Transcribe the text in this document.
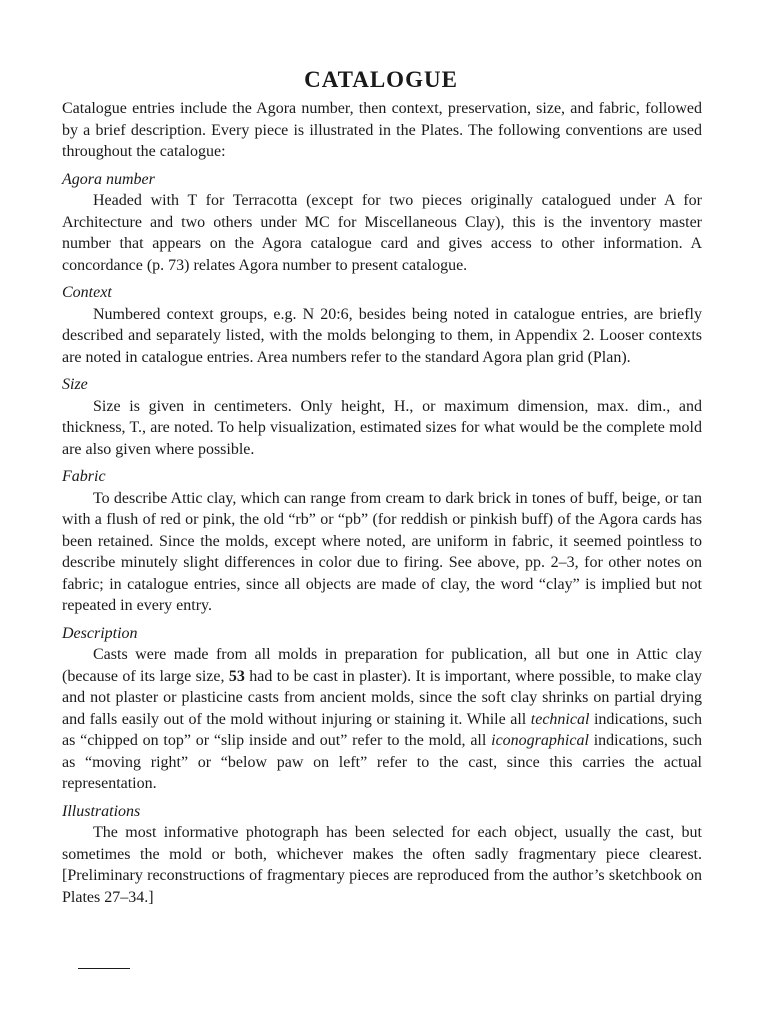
CATALOGUE

Catalogue entries include the Agora number, then context, preservation, size, and fabric, followed by a brief description. Every piece is illustrated in the Plates. The following conventions are used throughout the catalogue:

Agora number

Headed with T for Terracotta (except for two pieces originally catalogued under A for Architecture and two others under MC for Miscellaneous Clay), this is the inventory master number that appears on the Agora catalogue card and gives access to other information. A concordance (p. 73) relates Agora number to present catalogue.

Context

Numbered context groups, e.g. N 20:6, besides being noted in catalogue entries, are briefly described and separately listed, with the molds belonging to them, in Appendix 2. Looser contexts are noted in catalogue entries. Area numbers refer to the standard Agora plan grid (Plan).

Size

Size is given in centimeters. Only height, H., or maximum dimension, max. dim., and thickness, T., are noted. To help visualization, estimated sizes for what would be the complete mold are also given where possible.

Fabric

To describe Attic clay, which can range from cream to dark brick in tones of buff, beige, or tan with a flush of red or pink, the old “rb” or “pb” (for reddish or pinkish buff) of the Agora cards has been retained. Since the molds, except where noted, are uniform in fabric, it seemed pointless to describe minutely slight differences in color due to firing. See above, pp. 2–3, for other notes on fabric; in catalogue entries, since all objects are made of clay, the word “clay” is implied but not repeated in every entry.

Description

Casts were made from all molds in preparation for publication, all but one in Attic clay (because of its large size, 53 had to be cast in plaster). It is important, where possible, to make clay and not plaster or plasticine casts from ancient molds, since the soft clay shrinks on partial drying and falls easily out of the mold without injuring or staining it. While all technical indications, such as “chipped on top” or “slip inside and out” refer to the mold, all iconographical indications, such as “moving right” or “below paw on left” refer to the cast, since this carries the actual representation.

Illustrations

The most informative photograph has been selected for each object, usually the cast, but sometimes the mold or both, whichever makes the often sadly fragmentary piece clearest. [Preliminary reconstructions of fragmentary pieces are reproduced from the author’s sketchbook on Plates 27–34.]
